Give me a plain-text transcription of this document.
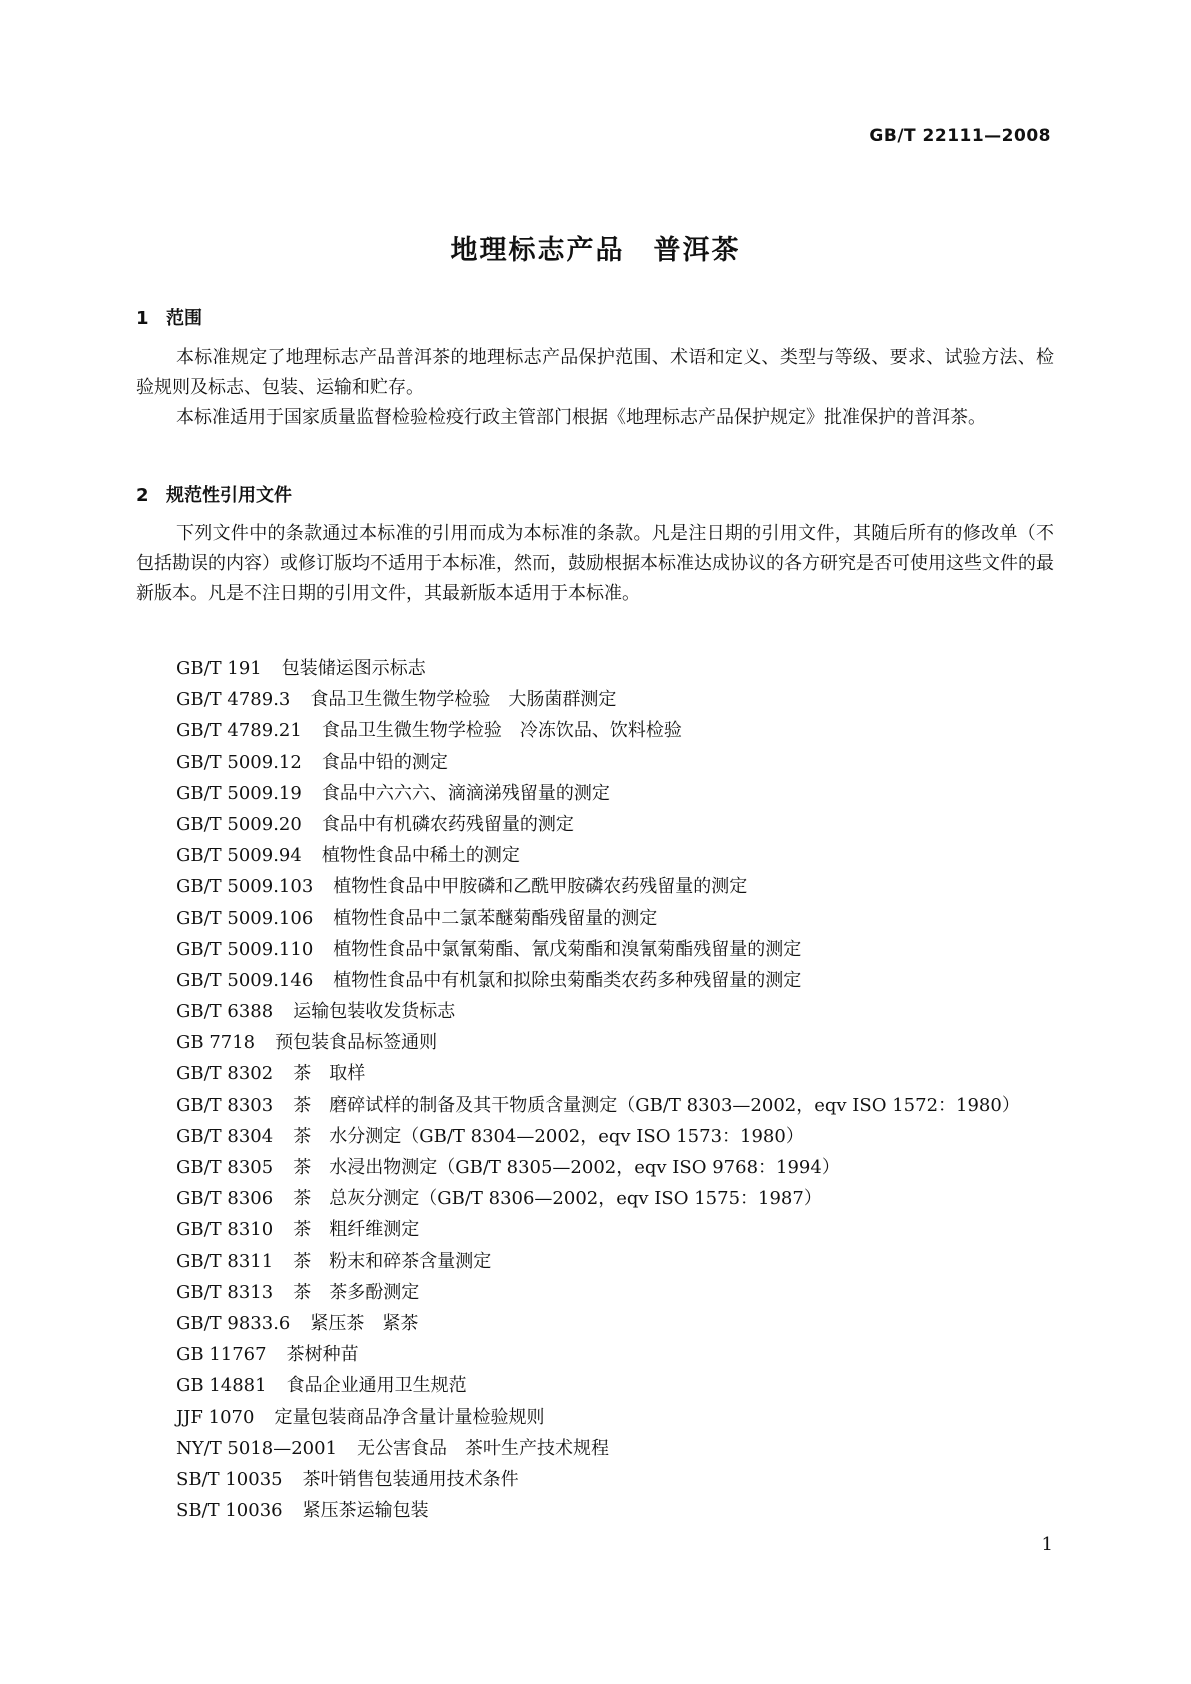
GB/T 22111—2008
地理标志产品　普洱茶
1 范围

本标准规定了地理标志产品普洱茶的地理标志产品保护范围、术语和定义、类型与等级、要求、试验方法、检验规则及标志、包装、运输和贮存。

本标准适用于国家质量监督检验检疫行政主管部门根据《地理标志产品保护规定》批准保护的普洱茶。

2 规范性引用文件

下列文件中的条款通过本标准的引用而成为本标准的条款。凡是注日期的引用文件，其随后所有的修改单（不包括勘误的内容）或修订版均不适用于本标准，然而，鼓励根据本标准达成协议的各方研究是否可使用这些文件的最新版本。凡是不注日期的引用文件，其最新版本适用于本标准。

GB/T 191 包装储运图示标志
GB/T 4789.3 食品卫生微生物学检验　大肠菌群测定
GB/T 4789.21 食品卫生微生物学检验　冷冻饮品、饮料检验
GB/T 5009.12 食品中铅的测定
GB/T 5009.19 食品中六六六、滴滴涕残留量的测定
GB/T 5009.20 食品中有机磷农药残留量的测定
GB/T 5009.94 植物性食品中稀土的测定
GB/T 5009.103 植物性食品中甲胺磷和乙酰甲胺磷农药残留量的测定
GB/T 5009.106 植物性食品中二氯苯醚菊酯残留量的测定
GB/T 5009.110 植物性食品中氯氰菊酯、氰戊菊酯和溴氰菊酯残留量的测定
GB/T 5009.146 植物性食品中有机氯和拟除虫菊酯类农药多种残留量的测定
GB/T 6388 运输包装收发货标志
GB 7718 预包装食品标签通则
GB/T 8302 茶　取样
GB/T 8303 茶　磨碎试样的制备及其干物质含量测定（GB/T 8303—2002，eqv ISO 1572：1980）
GB/T 8304 茶　水分测定（GB/T 8304—2002，eqv ISO 1573：1980）
GB/T 8305 茶　水浸出物测定（GB/T 8305—2002，eqv ISO 9768：1994）
GB/T 8306 茶　总灰分测定（GB/T 8306—2002，eqv ISO 1575：1987）
GB/T 8310 茶　粗纤维测定
GB/T 8311 茶　粉末和碎茶含量测定
GB/T 8313 茶　茶多酚测定
GB/T 9833.6 紧压茶　紧茶
GB 11767 茶树种苗
GB 14881 食品企业通用卫生规范
JJF 1070 定量包装商品净含量计量检验规则
NY/T 5018—2001 无公害食品　茶叶生产技术规程
SB/T 10035 茶叶销售包装通用技术条件
SB/T 10036 紧压茶运输包装
1
